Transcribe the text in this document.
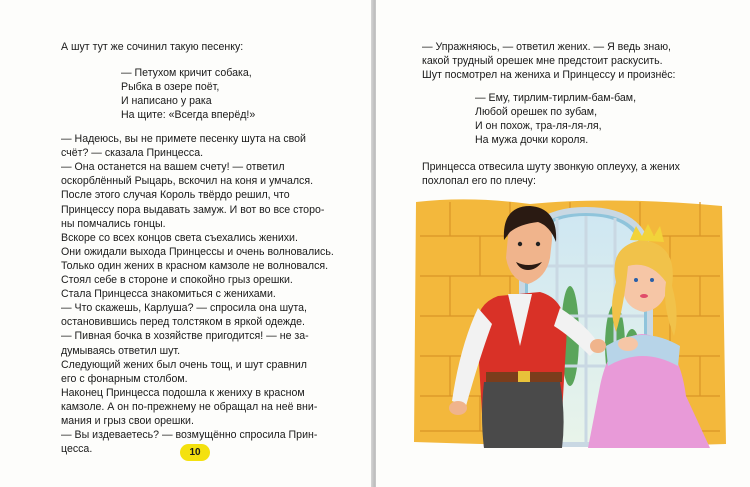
А шут тут же сочинил такую песенку:
— Петухом кричит собака,
Рыбка в озере поёт,
И написано у рака
На щите: «Всегда вперёд!»
— Надеюсь, вы не примете песенку шута на свой
счёт? — сказала Принцесса.
— Она останется на вашем счету! — ответил
оскорблённый Рыцарь, вскочил на коня и умчался.
После этого случая Король твёрдо решил, что
Принцессу пора выдавать замуж. И вот во все сторо-
ны помчались гонцы.
Вскоре со всех концов света съехались женихи.
Они ожидали выхода Принцессы и очень волновались.
Только один жених в красном камзоле не волновался.
Стоял себе в стороне и спокойно грыз орешки.
Стала Принцесса знакомиться с женихами.
— Что скажешь, Карлуша? — спросила она шута,
остановившись перед толстяком в яркой одежде.
— Пивная бочка в хозяйстве пригодится! — не за-
думываясь ответил шут.
Следующий жених был очень тощ, и шут сравнил
его с фонарным столбом.
Наконец Принцесса подошла к жениху в красном
камзоле. А он по-прежнему не обращал на неё вни-
мания и грыз свои орешки.
— Вы издеваетесь? — возмущённо спросила Прин-
цесса.	10
— Упражняюсь, — ответил жених. — Я ведь знаю,
какой трудный орешек мне предстоит раскусить.
Шут посмотрел на жениха и Принцессу и произнёс:
— Ему, тирлим-тирлим-бам-бам,
Любой орешек по зубам,
И он похож, тра-ля-ля-ля,
На мужа дочки короля.
Принцесса отвесила шуту звонкую оплеуху, а жених
похлопал его по плечу:
